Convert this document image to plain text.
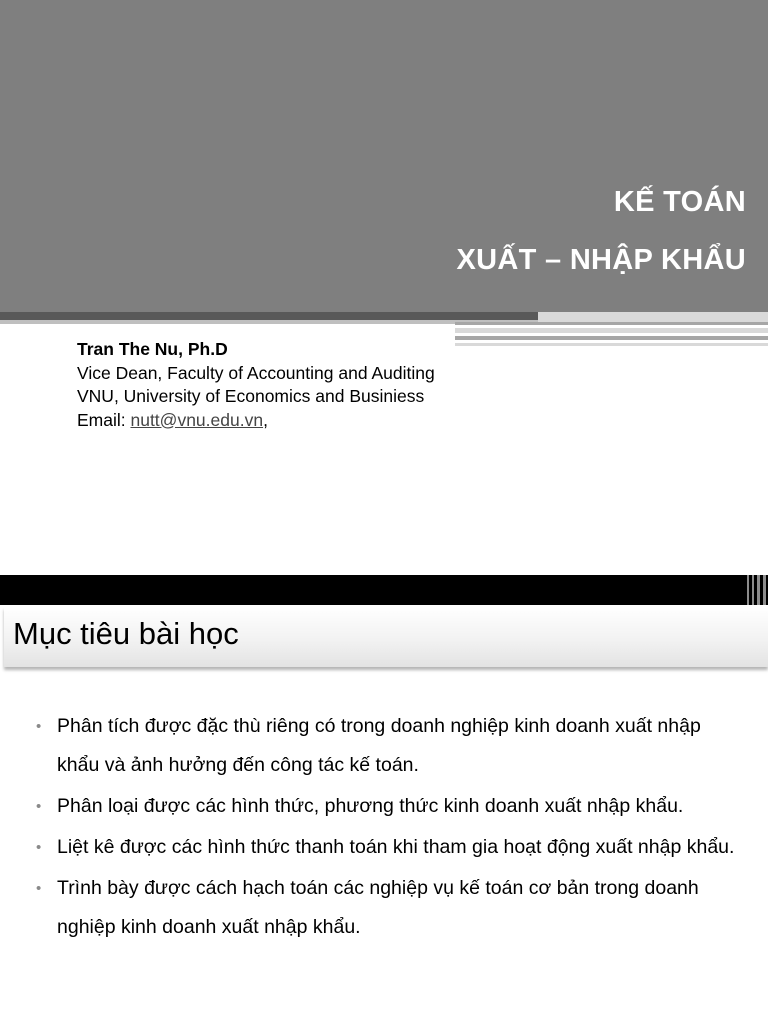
KẾ TOÁN
XUẤT – NHẬP KHẨU
Tran The Nu, Ph.D
Vice Dean, Faculty of Accounting and Auditing
VNU, University of Economics and Businiess
Email: nutt@vnu.edu.vn,
Mục tiêu bài học
• Phân tích được đặc thù riêng có trong doanh nghiệp kinh doanh xuất nhập khẩu và ảnh hưởng đến công tác kế toán.
• Phân loại được các hình thức, phương thức kinh doanh xuất nhập khẩu.
• Liệt kê được các hình thức thanh toán khi tham gia hoạt động xuất nhập khẩu.
• Trình bày được cách hạch toán các nghiệp vụ kế toán cơ bản trong doanh nghiệp kinh doanh xuất nhập khẩu.
